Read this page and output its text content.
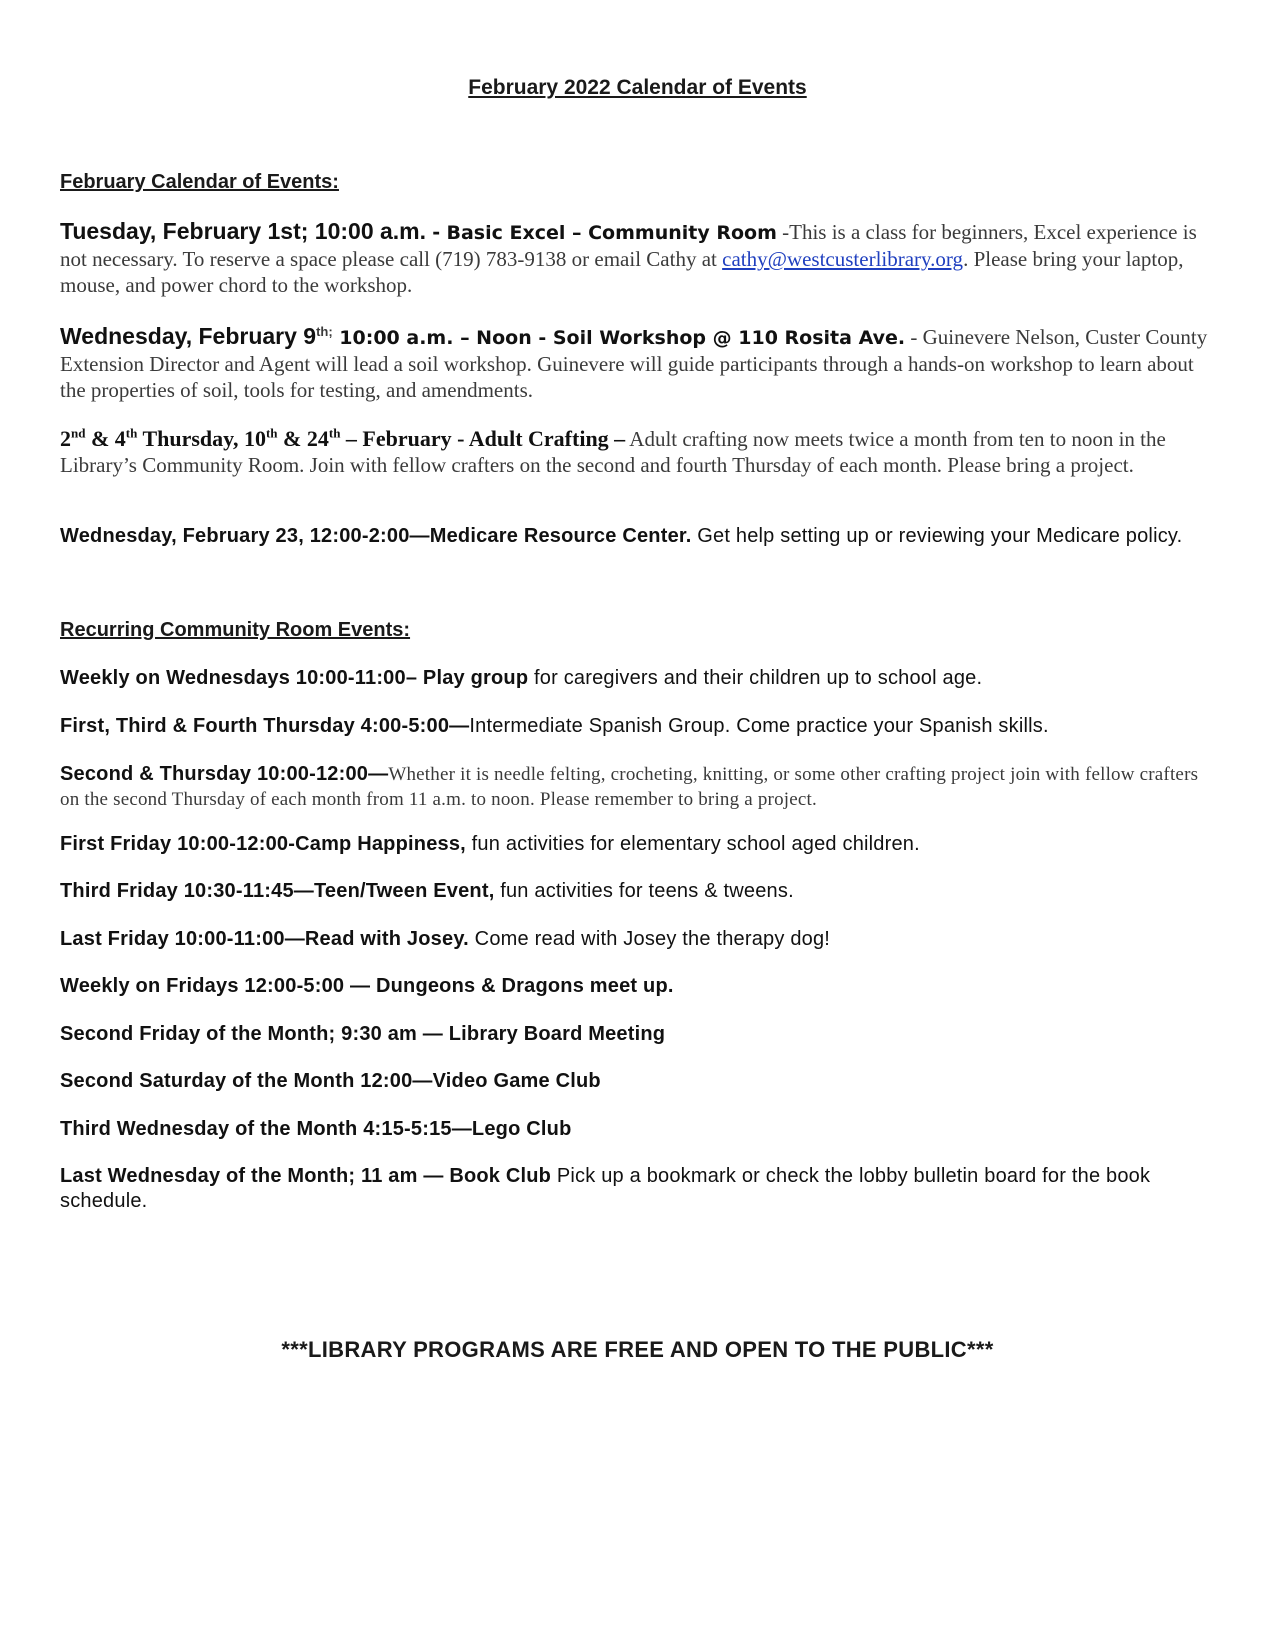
February 2022 Calendar of Events
February Calendar of Events:

Tuesday, February 1st; 10:00 a.m. - Basic Excel – Community Room -This is a class for beginners, Excel experience is not necessary. To reserve a space please call (719) 783-9138 or email Cathy at cathy@westcusterlibrary.org. Please bring your laptop, mouse, and power chord to the workshop.

Wednesday, February $9^{th;}$ 10:00 a.m. – Noon - Soil Workshop @ 110 Rosita Ave. - Guinevere Nelson, Custer County Extension Director and Agent will lead a soil workshop. Guinevere will guide participants through a hands-on workshop to learn about the properties of soil, tools for testing, and amendments.

2nd & 4th Thursday, 10th & 24th – February - Adult Crafting – Adult crafting now meets twice a month from ten to noon in the Library’s Community Room. Join with fellow crafters on the second and fourth Thursday of each month. Please bring a project.

Wednesday, February 23, 12:00-2:00—Medicare Resource Center. Get help setting up or reviewing your Medicare policy.

Recurring Community Room Events:

Weekly on Wednesdays 10:00-11:00– Play group for caregivers and their children up to school age.

First, Third & Fourth Thursday 4:00-5:00—Intermediate Spanish Group. Come practice your Spanish skills.

Second & Thursday 10:00-12:00—Whether it is needle felting, crocheting, knitting, or some other crafting project join with fellow crafters on the second Thursday of each month from 11 a.m. to noon. Please remember to bring a project.

First Friday 10:00-12:00-Camp Happiness, fun activities for elementary school aged children.

Third Friday 10:30-11:45—Teen/Tween Event, fun activities for teens & tweens.

Last Friday 10:00-11:00—Read with Josey. Come read with Josey the therapy dog!

Weekly on Fridays 12:00-5:00 — Dungeons & Dragons meet up.

Second Friday of the Month; 9:30 am — Library Board Meeting

Second Saturday of the Month 12:00—Video Game Club

Third Wednesday of the Month 4:15-5:15—Lego Club

Last Wednesday of the Month; 11 am — Book Club Pick up a bookmark or check the lobby bulletin board for the book schedule.

***LIBRARY PROGRAMS ARE FREE AND OPEN TO THE PUBLIC***
